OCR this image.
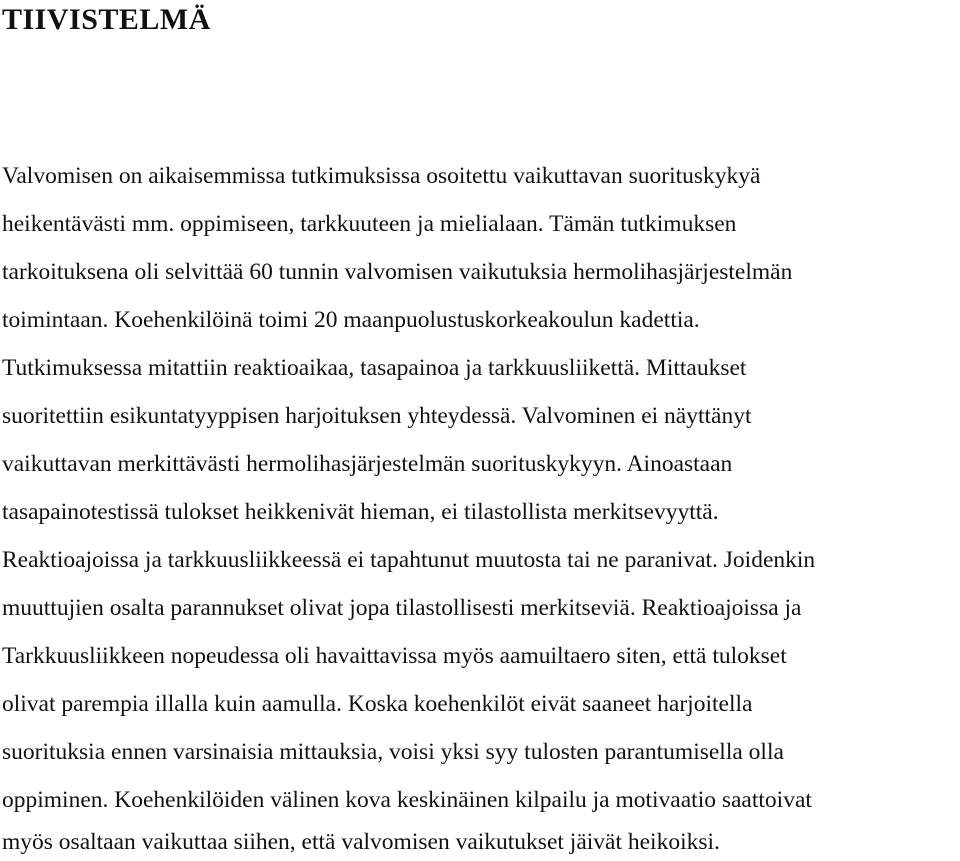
TIIVISTELMÄ

Valvomisen on aikaisemmissa tutkimuksissa osoitettu vaikuttavan suorituskykyä

heikentävästi mm. oppimiseen, tarkkuuteen ja mielialaan. Tämän tutkimuksen

tarkoituksena oli selvittää 60 tunnin valvomisen vaikutuksia hermolihasjärjestelmän

toimintaan. Koehenkilöinä toimi 20 maanpuolustuskorkeakoulun kadettia.

Tutkimuksessa mitattiin reaktioaikaa, tasapainoa ja tarkkuusliikettä. Mittaukset

suoritettiin esikuntatyyppisen harjoituksen yhteydessä. Valvominen ei näyttänyt

vaikuttavan merkittävästi hermolihasjärjestelmän suorituskykyyn. Ainoastaan

tasapainotestissä tulokset heikkenivät hieman, ei tilastollista merkitsevyyttä.

Reaktioajoissa ja tarkkuusliikkeessä ei tapahtunut muutosta tai ne paranivat. Joidenkin

muuttujien osalta parannukset olivat jopa tilastollisesti merkitseviä. Reaktioajoissa ja

Tarkkuusliikkeen nopeudessa oli havaittavissa myös aamuiltaero siten, että tulokset

olivat parempia illalla kuin aamulla. Koska koehenkilöt eivät saaneet harjoitella

suorituksia ennen varsinaisia mittauksia, voisi yksi syy tulosten parantumisella olla

oppiminen. Koehenkilöiden välinen kova keskinäinen kilpailu ja motivaatio saattoivat

myös osaltaan vaikuttaa siihen, että valvomisen vaikutukset jäivät heikoiksi.
